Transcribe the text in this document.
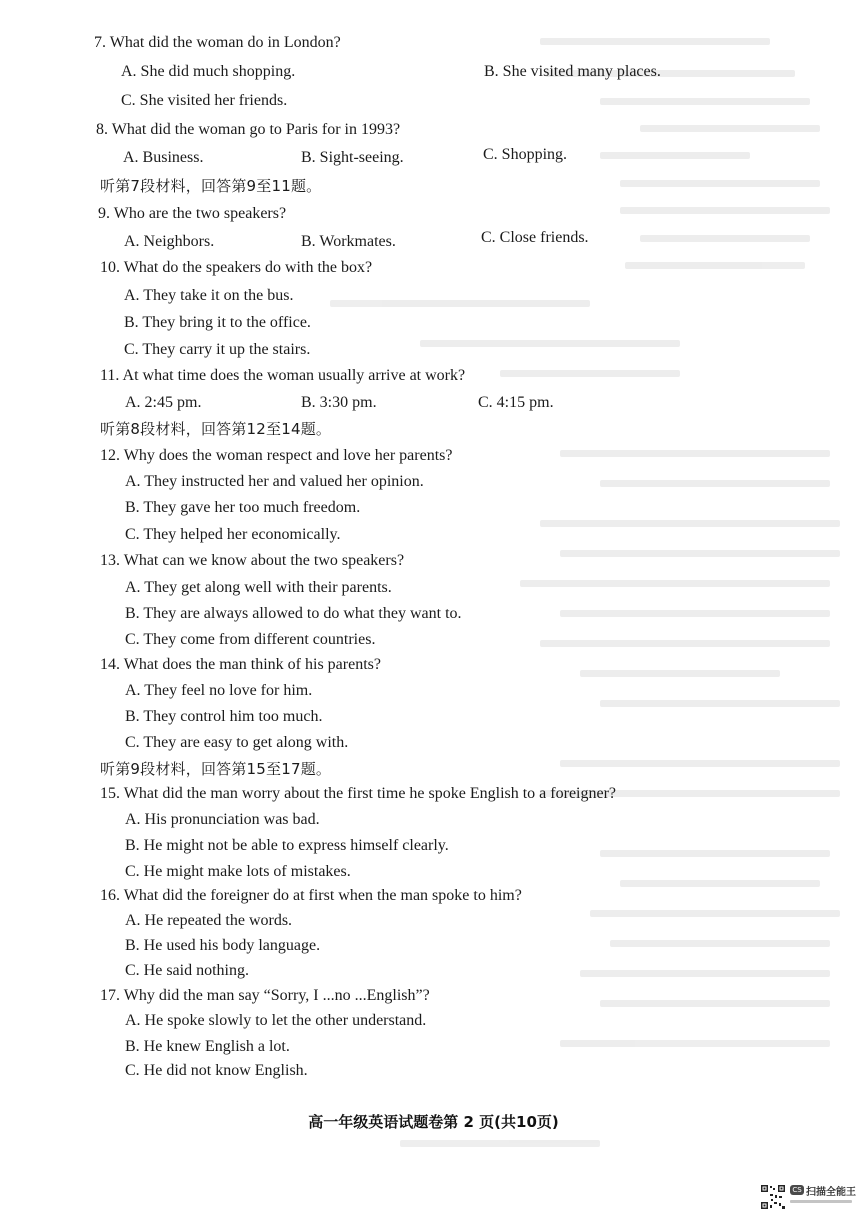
7. What did the woman do in London?
A. She did much shopping.	B. She visited many places.
C. She visited her friends.
8. What did the woman go to Paris for in 1993?
A. Business.	B. Sight-seeing.	C. Shopping.
听第7段材料，回答第9至11题。
9. Who are the two speakers?
A. Neighbors.	B. Workmates.	C. Close friends.
10. What do the speakers do with the box?
A. They take it on the bus.
B. They bring it to the office.
C. They carry it up the stairs.
11. At what time does the woman usually arrive at work?
A. 2:45 pm.	B. 3:30 pm.	C. 4:15 pm.
听第8段材料，回答第12至14题。
12. Why does the woman respect and love her parents?
A. They instructed her and valued her opinion.
B. They gave her too much freedom.
C. They helped her economically.
13. What can we know about the two speakers?
A. They get along well with their parents.
B. They are always allowed to do what they want to.
C. They come from different countries.
14. What does the man think of his parents?
A. They feel no love for him.
B. They control him too much.
C. They are easy to get along with.
听第9段材料，回答第15至17题。
15. What did the man worry about the first time he spoke English to a foreigner?
A. His pronunciation was bad.
B. He might not be able to express himself clearly.
C. He might make lots of mistakes.
16. What did the foreigner do at first when the man spoke to him?
A. He repeated the words.
B. He used his body language.
C. He said nothing.
17. Why did the man say “Sorry, I ...no ...English”?
A. He spoke slowly to let the other understand.
B. He knew English a lot.
C. He did not know English.
高一年级英语试题卷第 2 页(共10页)
CS 扫描全能王
